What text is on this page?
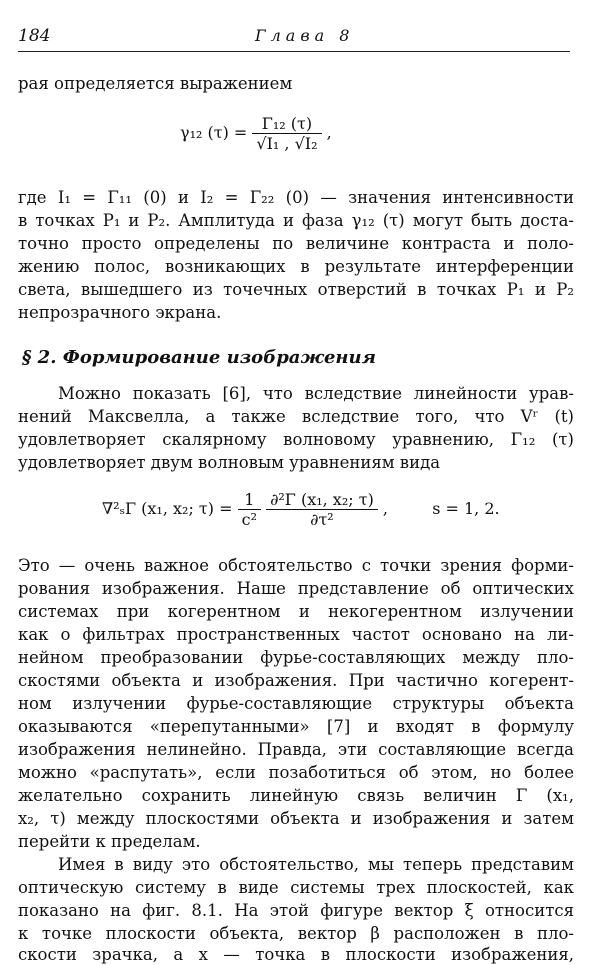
184	Глава 8
рая определяется выражением
γ₁₂ $(\tau) = \frac{\text{Γ₁₂ (τ)}}{\text{√I₁ , √I₂}}$ ,
где I₁ = Γ₁₁ (0) и I₂ = Γ₂₂ (0) — значения интенсивности
в точках P₁ и P₂. Амплитуда и фаза γ₁₂ (τ) могут быть доста-
точно просто определены по величине контраста и поло-
жению полос, возникающих в результате интерференции
света, вышедшего из точечных отверстий в точках P₁ и P₂
непрозрачного экрана.
§ 2. Формирование изображения
Можно показать [6], что вследствие линейности урав-
нений Максвелла, а также вследствие того, что Vʳ (t)
удовлетворяет скалярному волновому уравнению, Γ₁₂ (τ)
удовлетворяет двум волновым уравнениям вида
∇²ₛΓ (x₁, x₂; $\tau) = \frac{1}{\text{c²}}$
$\frac{\text{∂²Γ (x₁, x₂; τ)}}{\text{∂τ²}}$ ,	s = 1, 2.
Это — очень важное обстоятельство с точки зрения форми-
рования изображения. Наше представление об оптических
системах при когерентном и некогерентном излучении
как о фильтрах пространственных частот основано на ли-
нейном преобразовании фурье-составляющих между пло-
скостями объекта и изображения. При частично когерент-
ном излучении фурье-составляющие структуры объекта
оказываются «перепутанными» [7] и входят в формулу
изображения нелинейно. Правда, эти составляющие всегда
можно «распутать», если позаботиться об этом, но более
желательно сохранить линейную связь величин Γ (x₁,
x₂, τ) между плоскостями объекта и изображения и затем
перейти к пределам.
Имея в виду это обстоятельство, мы теперь представим
оптическую систему в виде системы трех плоскостей, как
показано на фиг. 8.1. На этой фигуре вектор ξ относится
к точке плоскости объекта, вектор β расположен в пло-
скости зрачка, а x — точка в плоскости изображения,
